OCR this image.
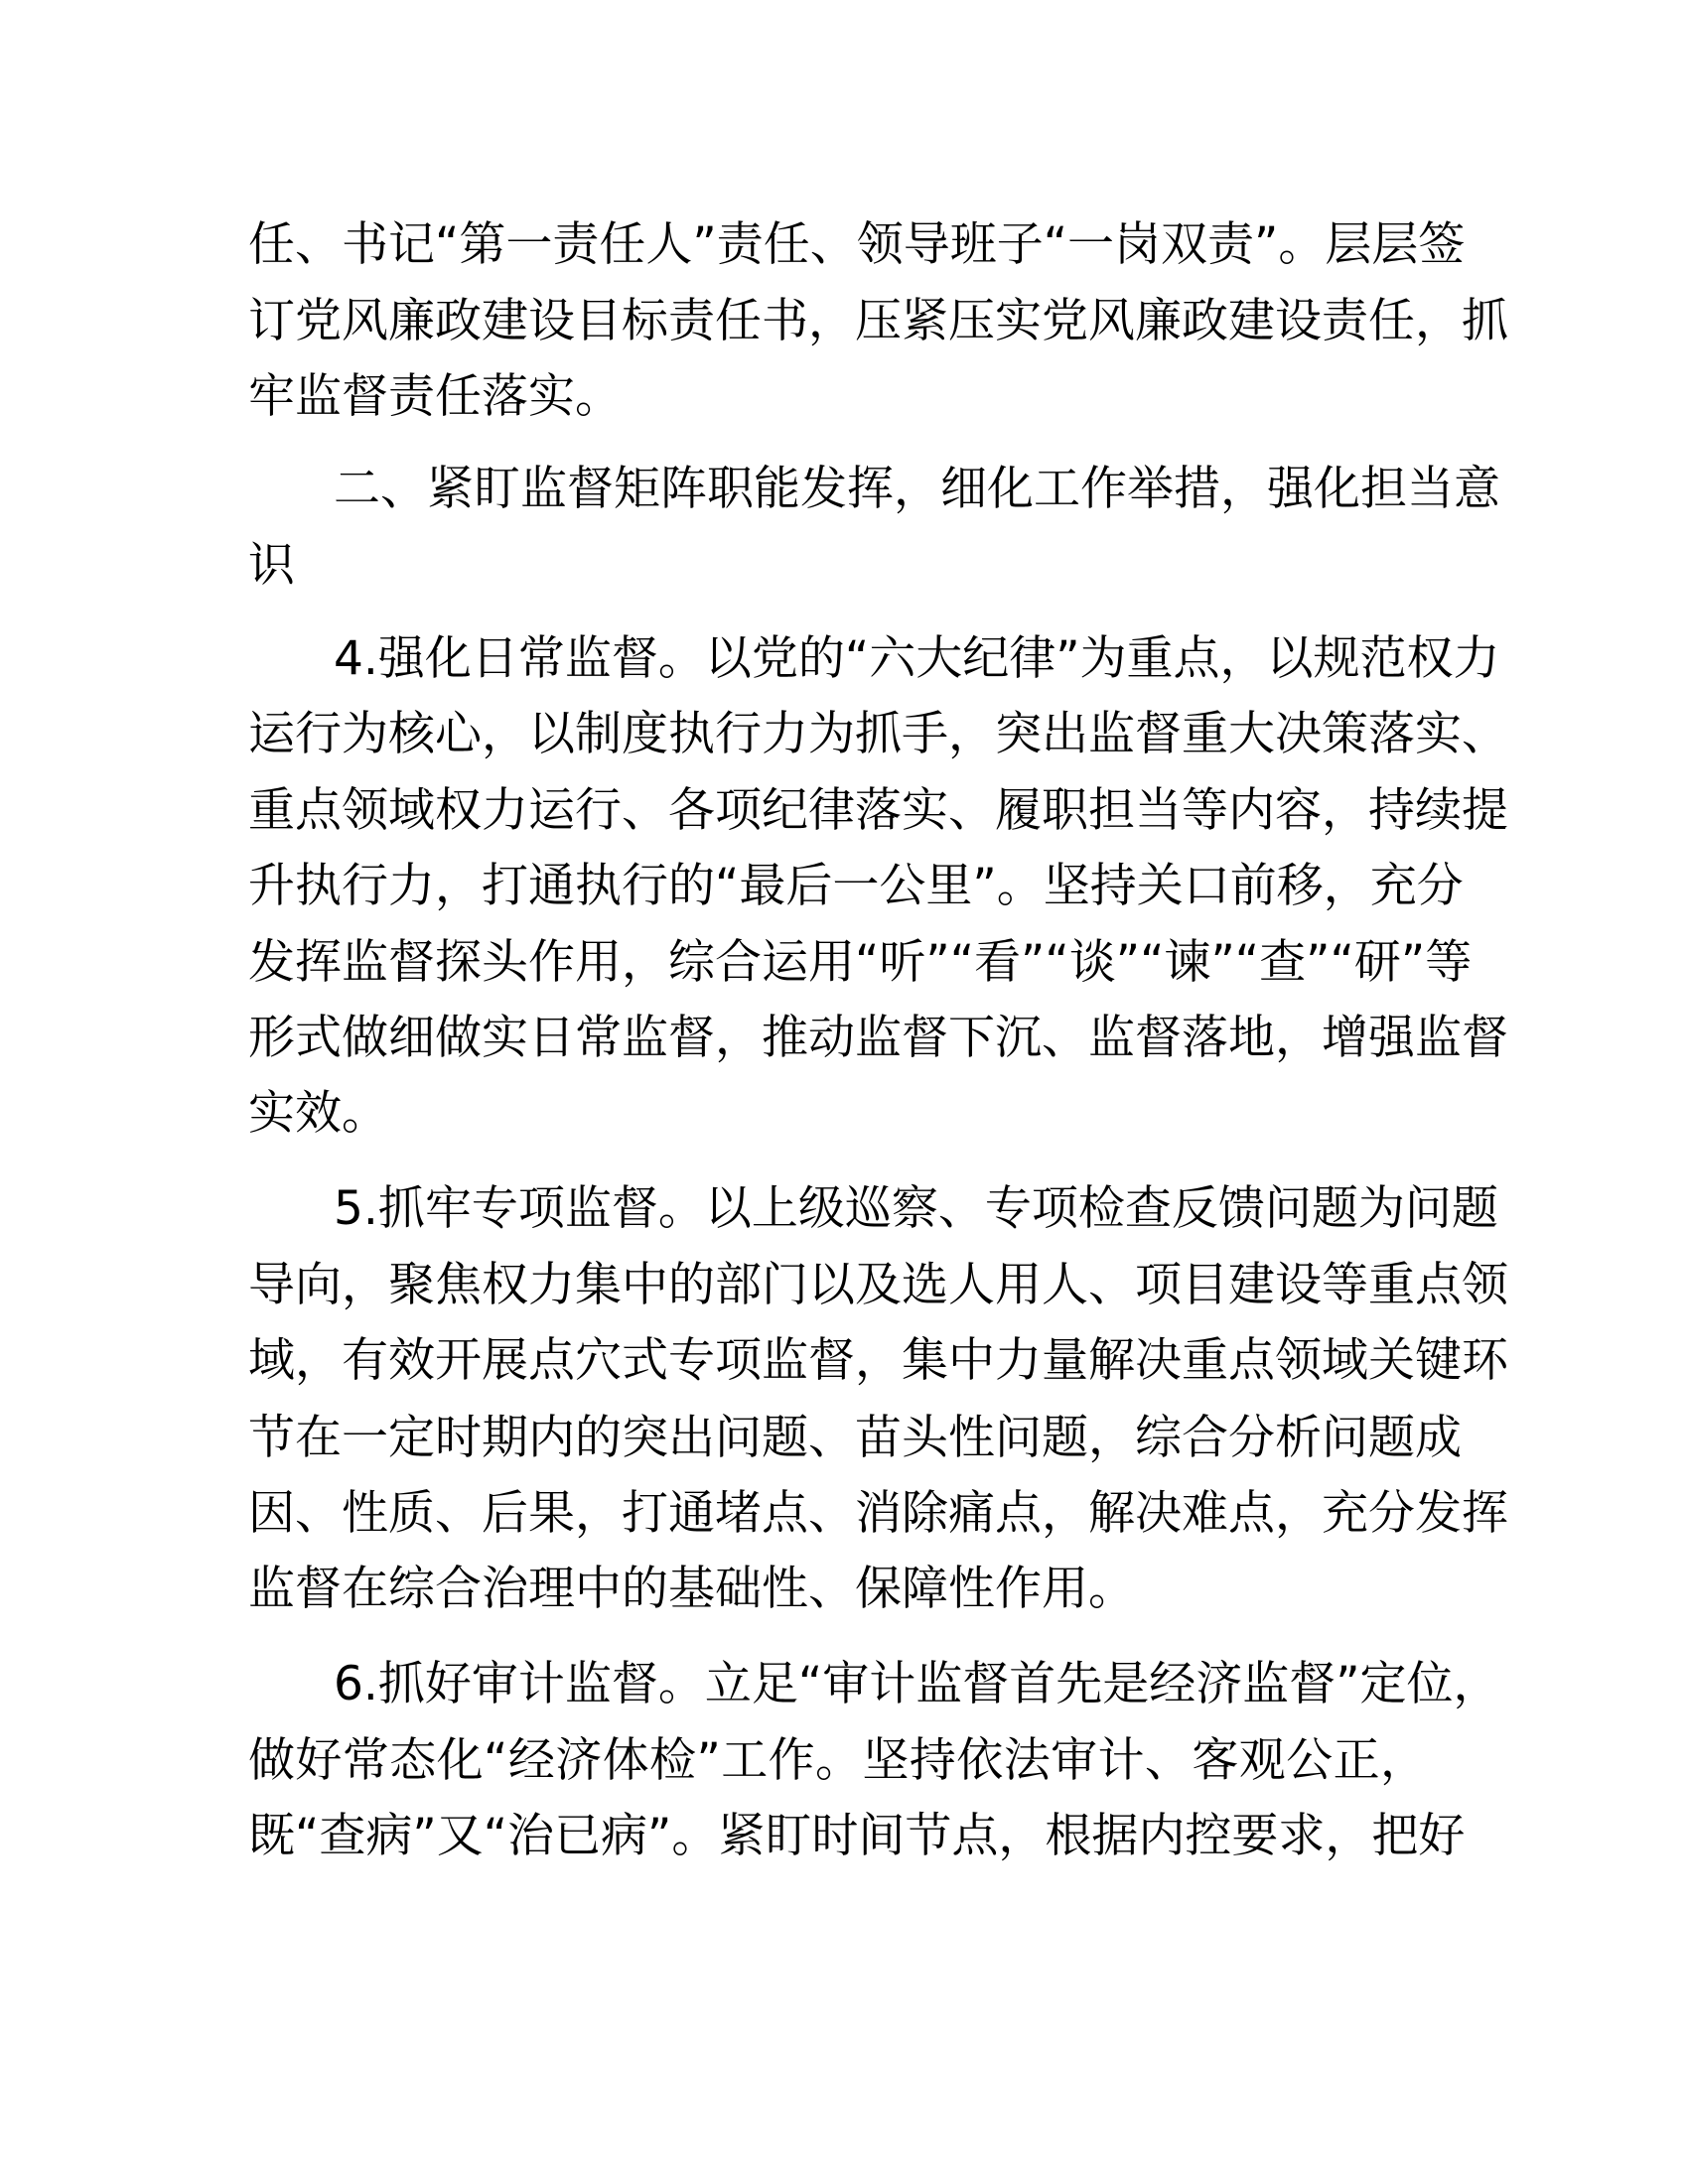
任、书记“第一责任人”责任、领导班子“一岗双责”。层层签
订党风廉政建设目标责任书，压紧压实党风廉政建设责任，抓
牢监督责任落实。
二、紧盯监督矩阵职能发挥，细化工作举措，强化担当意
识
4.强化日常监督。以党的“六大纪律”为重点，以规范权力
运行为核心，以制度执行力为抓手，突出监督重大决策落实、
重点领域权力运行、各项纪律落实、履职担当等内容，持续提
升执行力，打通执行的“最后一公里”。坚持关口前移，充分
发挥监督探头作用，综合运用“听”“看”“谈”“谏”“查”“研”等
形式做细做实日常监督，推动监督下沉、监督落地，增强监督
实效。
5.抓牢专项监督。以上级巡察、专项检查反馈问题为问题
导向，聚焦权力集中的部门以及选人用人、项目建设等重点领
域，有效开展点穴式专项监督，集中力量解决重点领域关键环
节在一定时期内的突出问题、苗头性问题，综合分析问题成
因、性质、后果，打通堵点、消除痛点，解决难点，充分发挥
监督在综合治理中的基础性、保障性作用。
6.抓好审计监督。立足“审计监督首先是经济监督”定位，
做好常态化“经济体检”工作。坚持依法审计、客观公正，
既“查病”又“治已病”。紧盯时间节点，根据内控要求，把好
